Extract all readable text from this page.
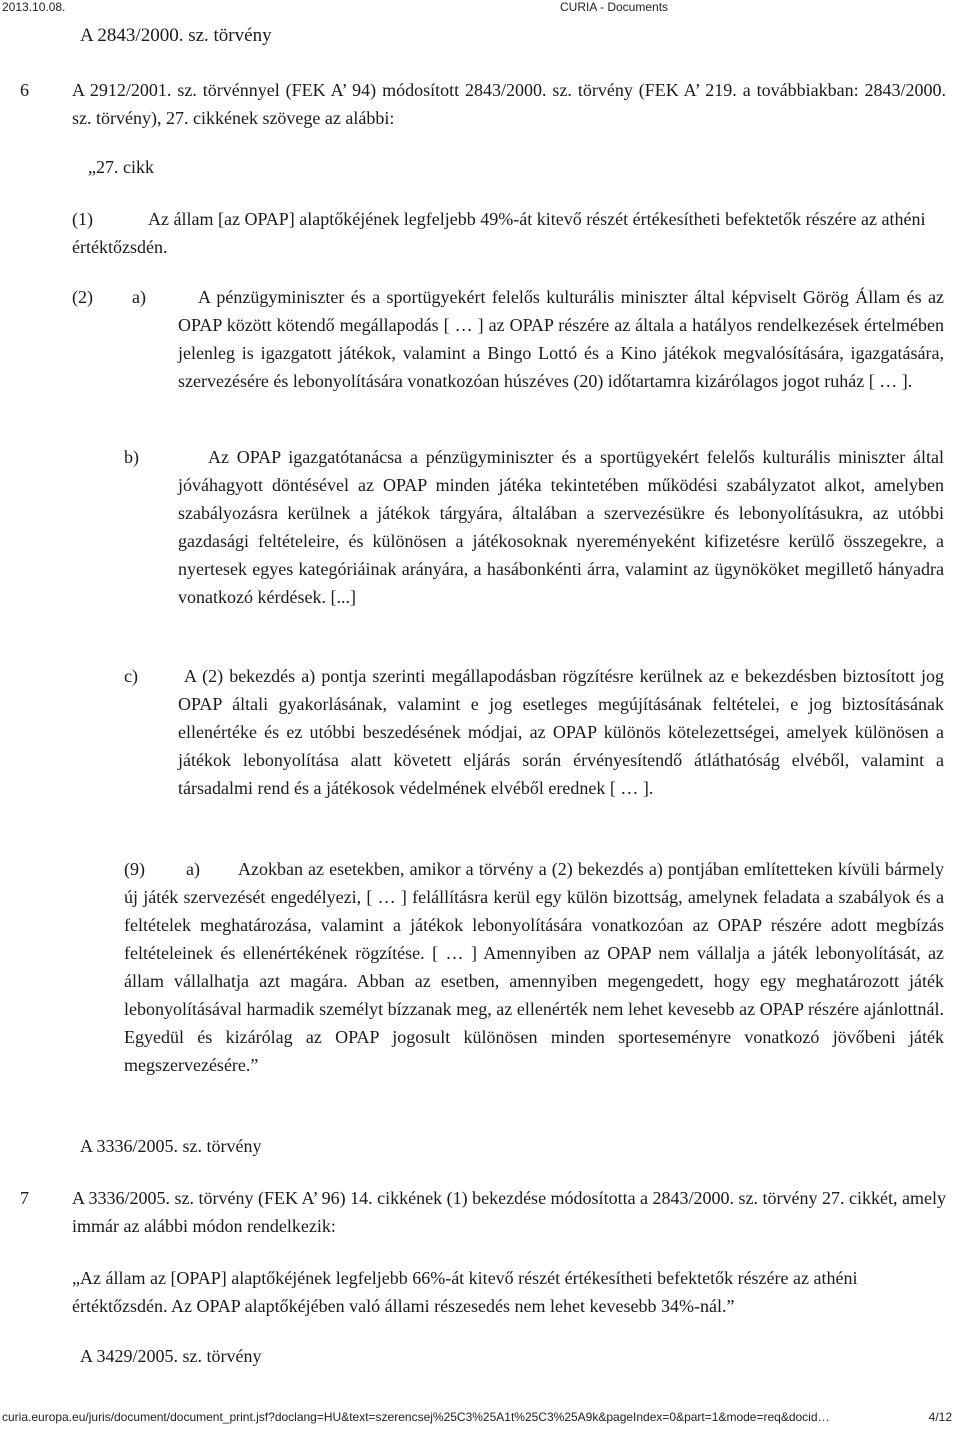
2013.10.08.	CURIA - Documents
A 2843/2000. sz. törvény
6 A 2912/2001. sz. törvénnyel (FEK A’ 94) módosított 2843/2000. sz. törvény (FEK A’ 219. a továbbiakban: 2843/2000. sz. törvény), 27. cikkének szövege az alábbi:
„27. cikk
(1)	Az állam [az OPAP] alaptőkéjének legfeljebb 49%-át kitevő részét értékesítheti befektetők részére az athéni értéktőzsdén.
(2) a)	A pénzügyminiszter és a sportügyekért felelős kulturális miniszter által képviselt Görög Állam és az OPAP között kötendő megállapodás [ … ] az OPAP részére az általa a hatályos rendelkezések értelmében jelenleg is igazgatott játékok, valamint a Bingo Lottó és a Kino játékok megvalósítására, igazgatására, szervezésére és lebonyolítására vonatkozóan húszéves (20) időtartamra kizárólagos jogot ruház [ … ].
b)	Az OPAP igazgatótanácsa a pénzügyminiszter és a sportügyekért felelős kulturális miniszter által jóváhagyott döntésével az OPAP minden játéka tekintetében működési szabályzatot alkot, amelyben szabályozásra kerülnek a játékok tárgyára, általában a szervezésükre és lebonyolításukra, az utóbbi gazdasági feltételeire, és különösen a játékosoknak nyereményeként kifizetésre kerülő összegekre, a nyertesek egyes kategóriáinak arányára, a hasábonkénti árra, valamint az ügynököket megillető hányadra vonatkozó kérdések. [...]
c)	A (2) bekezdés a) pontja szerinti megállapodásban rögzítésre kerülnek az e bekezdésben biztosított jog OPAP általi gyakorlásának, valamint e jog esetleges megújításának feltételei, e jog biztosításának ellenértéke és ez utóbbi beszedésének módjai, az OPAP különös kötelezettségei, amelyek különösen a játékok lebonyolítása alatt követett eljárás során érvényesítendő átláthatóság elvéből, valamint a társadalmi rend és a játékosok védelmének elvéből erednek [ … ].
(9) a) Azokban az esetekben, amikor a törvény a (2) bekezdés a) pontjában említetteken kívüli bármely új játék szervezését engedélyezi, [ … ] felállításra kerül egy külön bizottság, amelynek feladata a szabályok és a feltételek meghatározása, valamint a játékok lebonyolítására vonatkozóan az OPAP részére adott megbízás feltételeinek és ellenértékének rögzítése. [ … ] Amennyiben az OPAP nem vállalja a játék lebonyolítását, az állam vállalhatja azt magára. Abban az esetben, amennyiben megengedett, hogy egy meghatározott játék lebonyolításával harmadik személyt bízzanak meg, az ellenérték nem lehet kevesebb az OPAP részére ajánlottnál. Egyedül és kizárólag az OPAP jogosult különösen minden sporteseményre vonatkozó jövőbeni játék megszervezésére.”
A 3336/2005. sz. törvény
7 A 3336/2005. sz. törvény (FEK A’ 96) 14. cikkének (1) bekezdése módosította a 2843/2000. sz. törvény 27. cikkét, amely immár az alábbi módon rendelkezik:
„Az állam az [OPAP] alaptőkéjének legfeljebb 66%-át kitevő részét értékesítheti befektetők részére az athéni értéktőzsdén. Az OPAP alaptőkéjében való állami részesedés nem lehet kevesebb 34%-nál.”
A 3429/2005. sz. törvény
curia.europa.eu/juris/document/document_print.jsf?doclang=HU&text=szerencsej%25C3%25A1t%25C3%25A9k&pageIndex=0&part=1&mode=req&docid…	4/12
